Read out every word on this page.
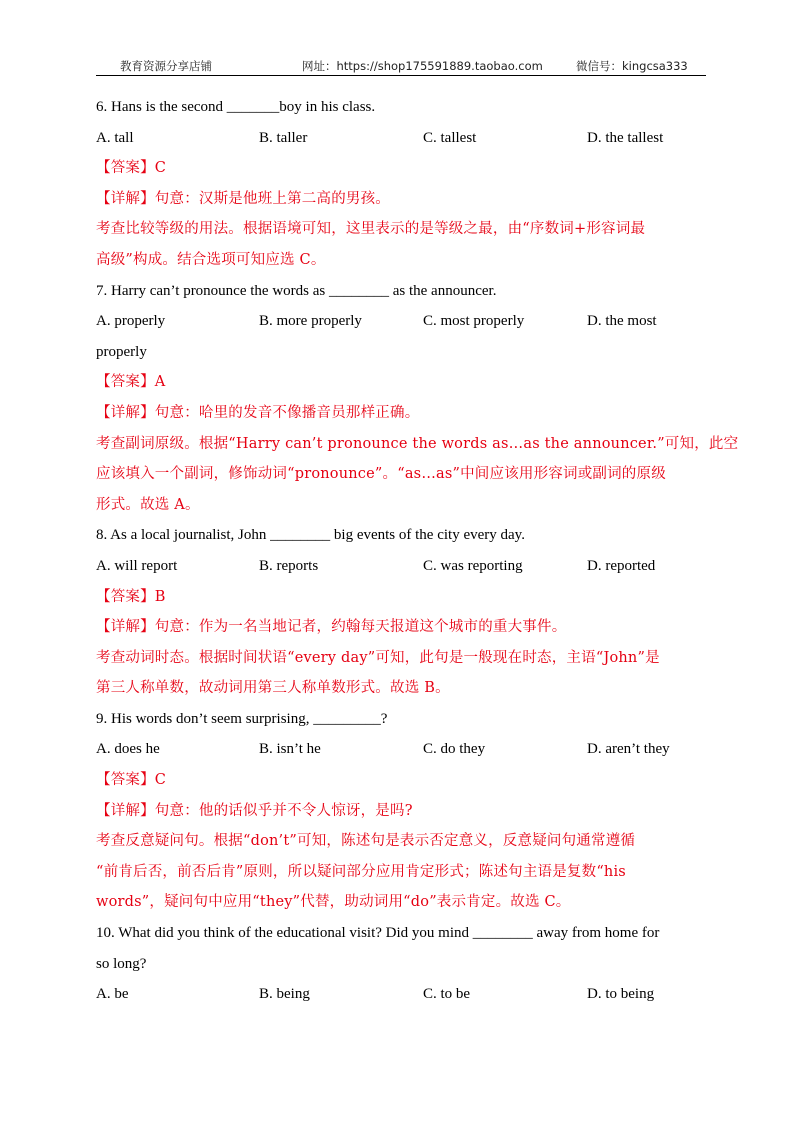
教育资源分享店铺	网址：https://shop175591889.taobao.com	微信号：kingcsa333
6. Hans is the second _______boy in his class.
A. tall	B. taller	C. tallest	D. the tallest
【答案】C
【详解】句意：汉斯是他班上第二高的男孩。
考查比较等级的用法。根据语境可知，这里表示的是等级之最，由“序数词+形容词最
高级”构成。结合选项可知应选 C。
7. Harry can’t pronounce the words as ________ as the announcer.
A. properly	B. more properly	C. most properly	D. the most
properly
【答案】A
【详解】句意：哈里的发音不像播音员那样正确。
考查副词原级。根据“Harry can’t pronounce the words as…as the announcer.”可知，此空
应该填入一个副词，修饰动词“pronounce”。“as…as”中间应该用形容词或副词的原级
形式。故选 A。
8. As a local journalist, John ________ big events of the city every day.
A. will report	B. reports	C. was reporting	D. reported
【答案】B
【详解】句意：作为一名当地记者，约翰每天报道这个城市的重大事件。
考查动词时态。根据时间状语“every day”可知，此句是一般现在时态，主语“John”是
第三人称单数，故动词用第三人称单数形式。故选 B。
9. His words don’t seem surprising, _________?
A. does he	B. isn’t he	C. do they	D. aren’t they
【答案】C
【详解】句意：他的话似乎并不令人惊讶，是吗?
考查反意疑问句。根据“don’t”可知，陈述句是表示否定意义，反意疑问句通常遵循
“前肯后否，前否后肯”原则，所以疑问部分应用肯定形式；陈述句主语是复数“his
words”，疑问句中应用“they”代替，助动词用“do”表示肯定。故选 C。
10. What did you think of the educational visit? Did you mind ________ away from home for
so long?
A. be	B. being	C. to be	D. to being
